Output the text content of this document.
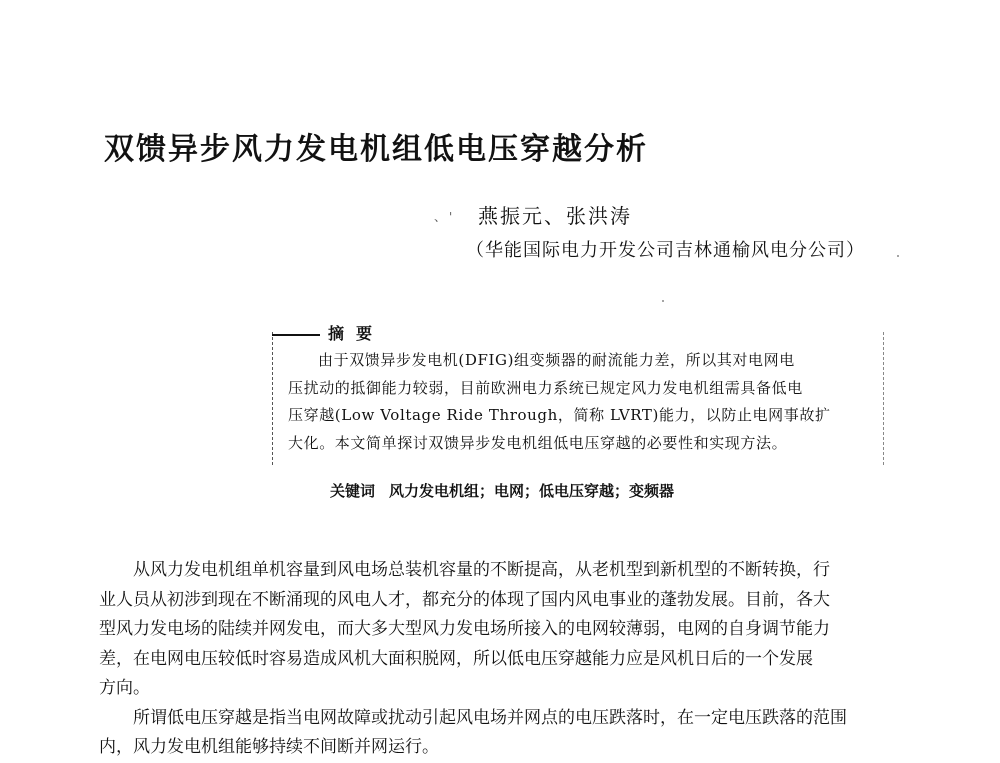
双馈异步风力发电机组低电压穿越分析
、' 燕振元、张洪涛
（华能国际电力开发公司吉林通榆风电分公司）
摘要
由于双馈异步发电机(DFIG)组变频器的耐流能力差，所以其对电网电
压扰动的抵御能力较弱，目前欧洲电力系统已规定风力发电机组需具备低电
压穿越(Low Voltage Ride Through，简称 LVRT)能力，以防止电网事故扩
大化。本文简单探讨双馈异步发电机组低电压穿越的必要性和实现方法。
关键词 风力发电机组；电网；低电压穿越；变频器
从风力发电机组单机容量到风电场总装机容量的不断提高，从老机型到新机型的不断转换，行
业人员从初涉到现在不断涌现的风电人才，都充分的体现了国内风电事业的蓬勃发展。目前，各大
型风力发电场的陆续并网发电，而大多大型风力发电场所接入的电网较薄弱，电网的自身调节能力
差，在电网电压较低时容易造成风机大面积脱网，所以低电压穿越能力应是风机日后的一个发展
方向。
所谓低电压穿越是指当电网故障或扰动引起风电场并网点的电压跌落时，在一定电压跌落的范围
内，风力发电机组能够持续不间断并网运行。
